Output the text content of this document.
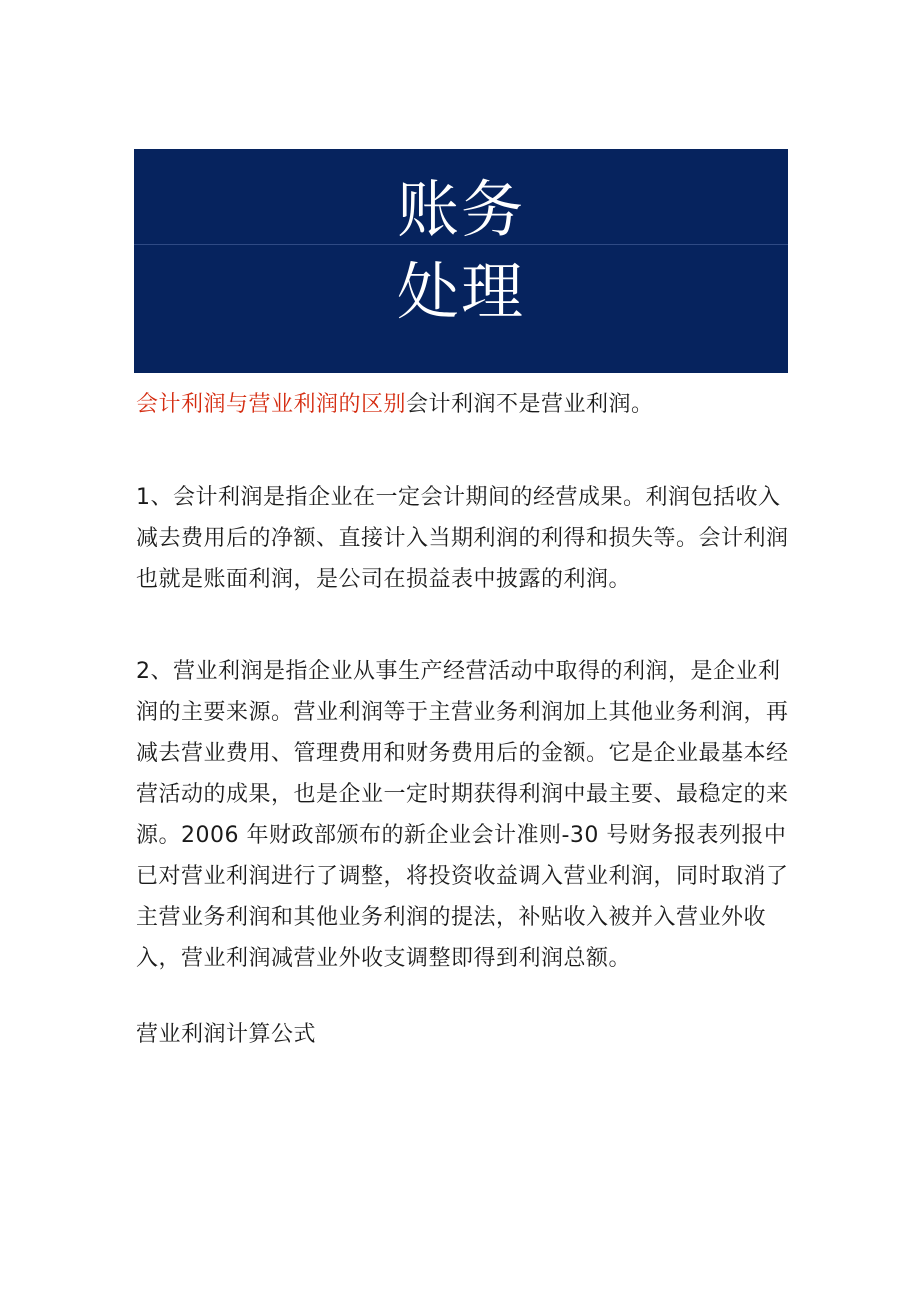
账务
处理

会计利润与营业利润的区别会计利润不是营业利润。

1、会计利润是指企业在一定会计期间的经营成果。利润包括收入减去费用后的净额、直接计入当期利润的利得和损失等。会计利润也就是账面利润，是公司在损益表中披露的利润。

2、营业利润是指企业从事生产经营活动中取得的利润，是企业利润的主要来源。营业利润等于主营业务利润加上其他业务利润，再减去营业费用、管理费用和财务费用后的金额。它是企业最基本经营活动的成果，也是企业一定时期获得利润中最主要、最稳定的来源。2006 年财政部颁布的新企业会计准则-30 号财务报表列报中已对营业利润进行了调整，将投资收益调入营业利润，同时取消了主营业务利润和其他业务利润的提法，补贴收入被并入营业外收入，营业利润减营业外收支调整即得到利润总额。

营业利润计算公式
